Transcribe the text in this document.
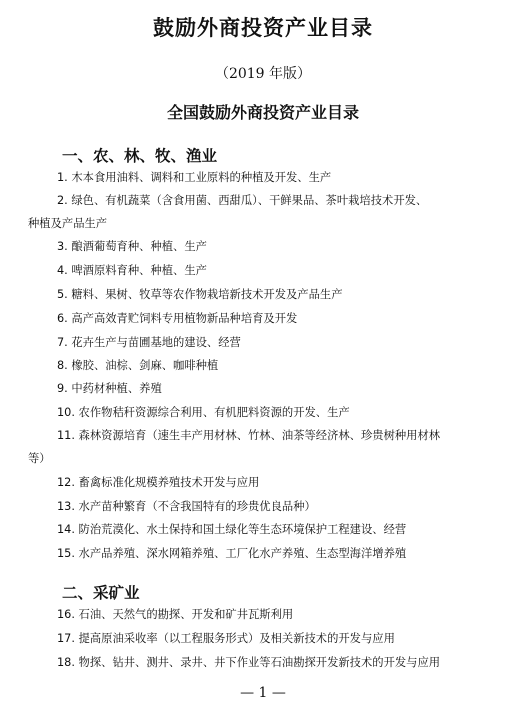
鼓励外商投资产业目录
（2019 年版）
全国鼓励外商投资产业目录
一、农、林、牧、渔业
1. 木本食用油料、调料和工业原料的种植及开发、生产
2. 绿色、有机蔬菜（含食用菌、西甜瓜）、干鲜果品、茶叶栽培技术开发、
种植及产品生产
3. 酿酒葡萄育种、种植、生产
4. 啤酒原料育种、种植、生产
5. 糖料、果树、牧草等农作物栽培新技术开发及产品生产
6. 高产高效青贮饲料专用植物新品种培育及开发
7. 花卉生产与苗圃基地的建设、经营
8. 橡胶、油棕、剑麻、咖啡种植
9. 中药材种植、养殖
10. 农作物秸秆资源综合利用、有机肥料资源的开发、生产
11. 森林资源培育（速生丰产用材林、竹林、油茶等经济林、珍贵树种用材林
等）
12. 畜禽标准化规模养殖技术开发与应用
13. 水产苗种繁育（不含我国特有的珍贵优良品种）
14. 防治荒漠化、水土保持和国土绿化等生态环境保护工程建设、经营
15. 水产品养殖、深水网箱养殖、工厂化水产养殖、生态型海洋增养殖
二、采矿业
16. 石油、天然气的勘探、开发和矿井瓦斯利用
17. 提高原油采收率（以工程服务形式）及相关新技术的开发与应用
18. 物探、钻井、测井、录井、井下作业等石油勘探开发新技术的开发与应用
— 1 —
